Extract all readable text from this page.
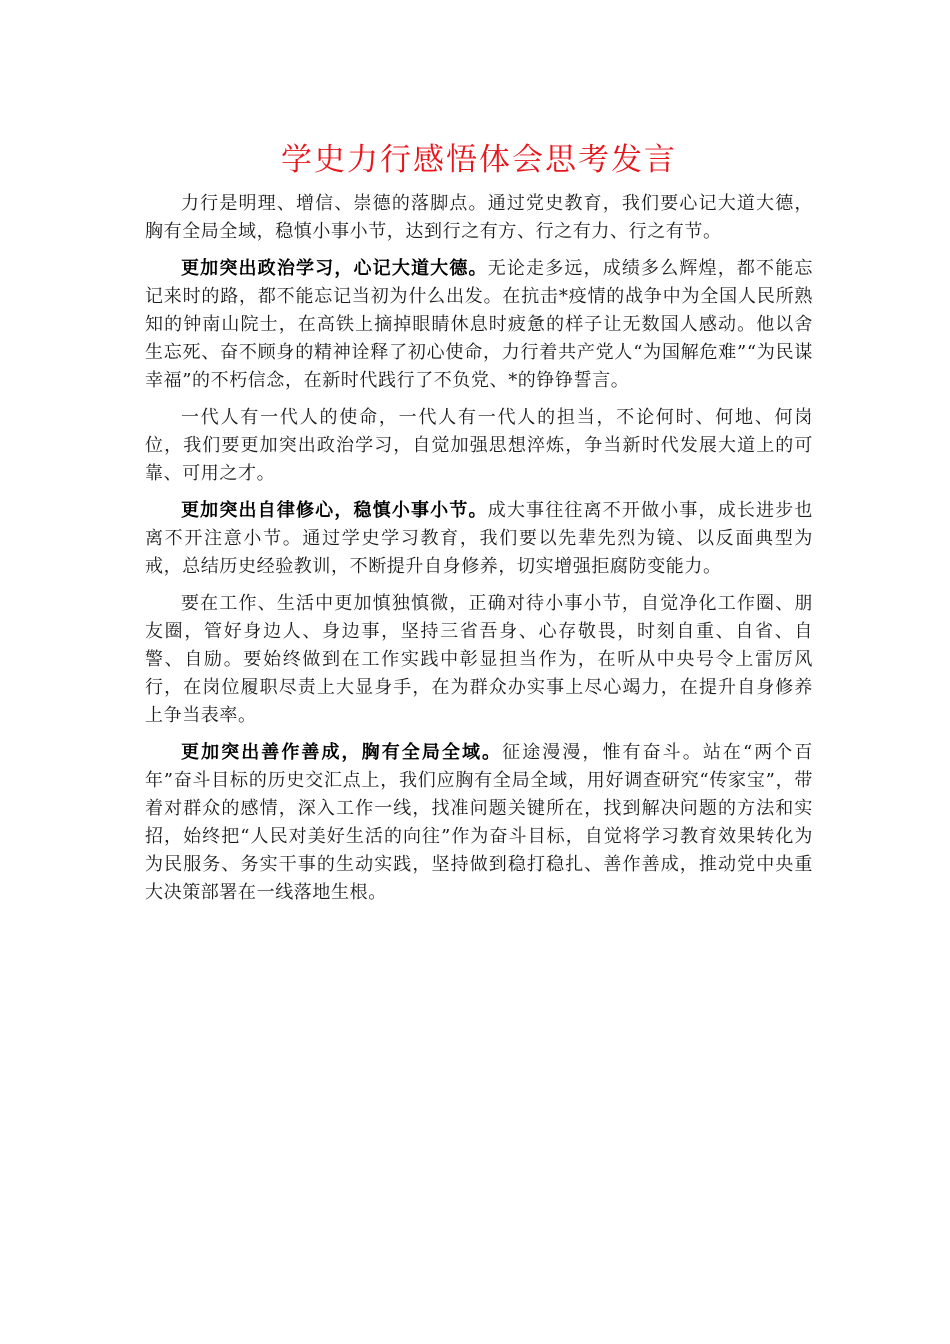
学史力行感悟体会思考发言

力行是明理、增信、崇德的落脚点。通过党史教育，我们要心记大道大德，胸有全局全域，稳慎小事小节，达到行之有方、行之有力、行之有节。

更加突出政治学习，心记大道大德。无论走多远，成绩多么辉煌，都不能忘记来时的路，都不能忘记当初为什么出发。在抗击*疫情的战争中为全国人民所熟知的钟南山院士，在高铁上摘掉眼睛休息时疲惫的样子让无数国人感动。他以舍生忘死、奋不顾身的精神诠释了初心使命，力行着共产党人“为国解危难”“为民谋幸福”的不朽信念，在新时代践行了不负党、*的铮铮誓言。

一代人有一代人的使命，一代人有一代人的担当，不论何时、何地、何岗位，我们要更加突出政治学习，自觉加强思想淬炼，争当新时代发展大道上的可靠、可用之才。

更加突出自律修心，稳慎小事小节。成大事往往离不开做小事，成长进步也离不开注意小节。通过学史学习教育，我们要以先辈先烈为镜、以反面典型为戒，总结历史经验教训，不断提升自身修养，切实增强拒腐防变能力。

要在工作、生活中更加慎独慎微，正确对待小事小节，自觉净化工作圈、朋友圈，管好身边人、身边事，坚持三省吾身、心存敬畏，时刻自重、自省、自警、自励。要始终做到在工作实践中彰显担当作为，在听从中央号令上雷厉风行，在岗位履职尽责上大显身手，在为群众办实事上尽心竭力，在提升自身修养上争当表率。

更加突出善作善成，胸有全局全域。征途漫漫，惟有奋斗。站在“两个百年”奋斗目标的历史交汇点上，我们应胸有全局全域，用好调查研究“传家宝”，带着对群众的感情，深入工作一线，找准问题关键所在，找到解决问题的方法和实招，始终把“人民对美好生活的向往”作为奋斗目标，自觉将学习教育效果转化为为民服务、务实干事的生动实践，坚持做到稳打稳扎、善作善成，推动党中央重大决策部署在一线落地生根。
